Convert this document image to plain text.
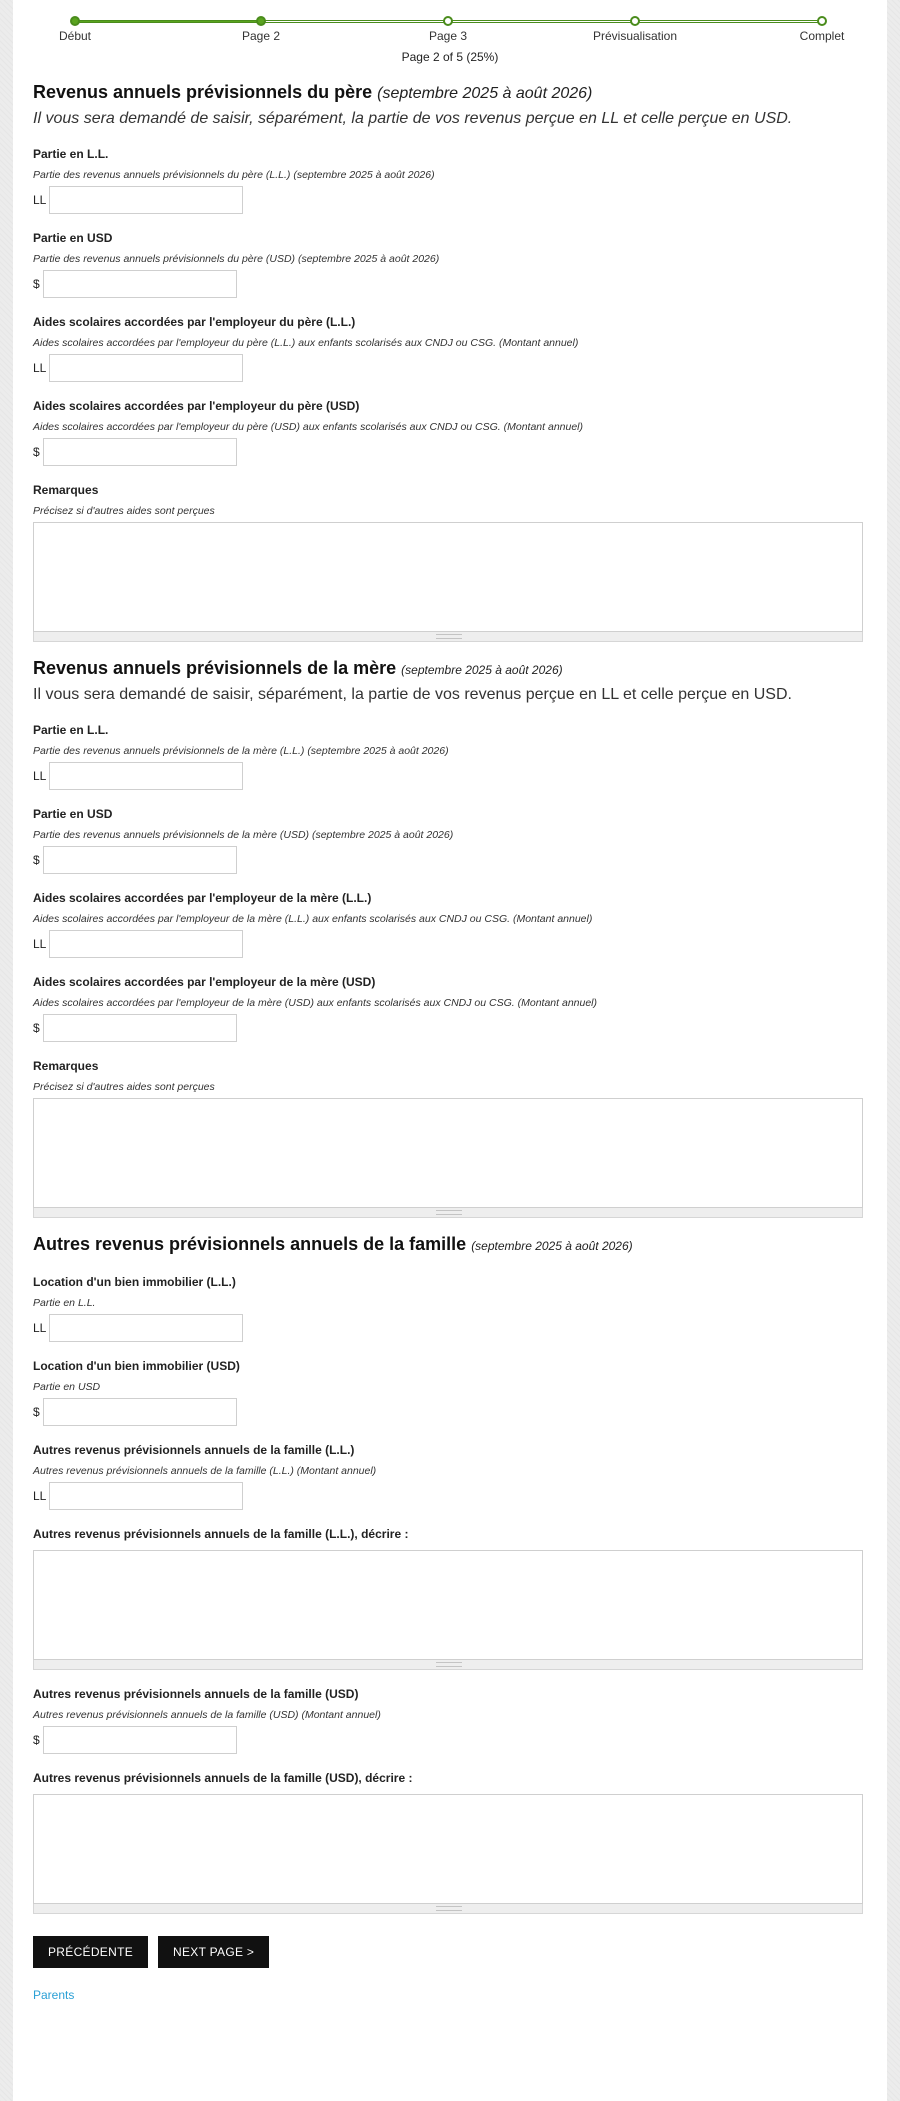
Début	Page 2	Page 3	Prévisualisation	Complet
Page 2 of 5 (25%)
Revenus annuels prévisionnels du père (septembre 2025 à août 2026)
Il vous sera demandé de saisir, séparément, la partie de vos revenus perçue en LL et celle perçue en USD.
Partie en L.L.
Partie des revenus annuels prévisionnels du père (L.L.) (septembre 2025 à août 2026)
LL
Partie en USD
Partie des revenus annuels prévisionnels du père (USD) (septembre 2025 à août 2026)
$
Aides scolaires accordées par l'employeur du père (L.L.)
Aides scolaires accordées par l'employeur du père (L.L.) aux enfants scolarisés aux CNDJ ou CSG. (Montant annuel)
LL
Aides scolaires accordées par l'employeur du père (USD)
Aides scolaires accordées par l'employeur du père (USD) aux enfants scolarisés aux CNDJ ou CSG. (Montant annuel)
$
Remarques
Précisez si d'autres aides sont perçues
Revenus annuels prévisionnels de la mère (septembre 2025 à août 2026)
Il vous sera demandé de saisir, séparément, la partie de vos revenus perçue en LL et celle perçue en USD.
Partie en L.L.
Partie des revenus annuels prévisionnels de la mère (L.L.) (septembre 2025 à août 2026)
LL
Partie en USD
Partie des revenus annuels prévisionnels de la mère (USD) (septembre 2025 à août 2026)
$
Aides scolaires accordées par l'employeur de la mère (L.L.)
Aides scolaires accordées par l'employeur de la mère (L.L.) aux enfants scolarisés aux CNDJ ou CSG. (Montant annuel)
LL
Aides scolaires accordées par l'employeur de la mère (USD)
Aides scolaires accordées par l'employeur de la mère (USD) aux enfants scolarisés aux CNDJ ou CSG. (Montant annuel)
$
Remarques
Précisez si d'autres aides sont perçues
Autres revenus prévisionnels annuels de la famille (septembre 2025 à août 2026)
Location d'un bien immobilier (L.L.)
Partie en L.L.
LL
Location d'un bien immobilier (USD)
Partie en USD
$
Autres revenus prévisionnels annuels de la famille (L.L.)
Autres revenus prévisionnels annuels de la famille (L.L.) (Montant annuel)
LL
Autres revenus prévisionnels annuels de la famille (L.L.), décrire :
Autres revenus prévisionnels annuels de la famille (USD)
Autres revenus prévisionnels annuels de la famille (USD) (Montant annuel)
$
Autres revenus prévisionnels annuels de la famille (USD), décrire :
PRÉCÉDENTE	NEXT PAGE >
Parents
